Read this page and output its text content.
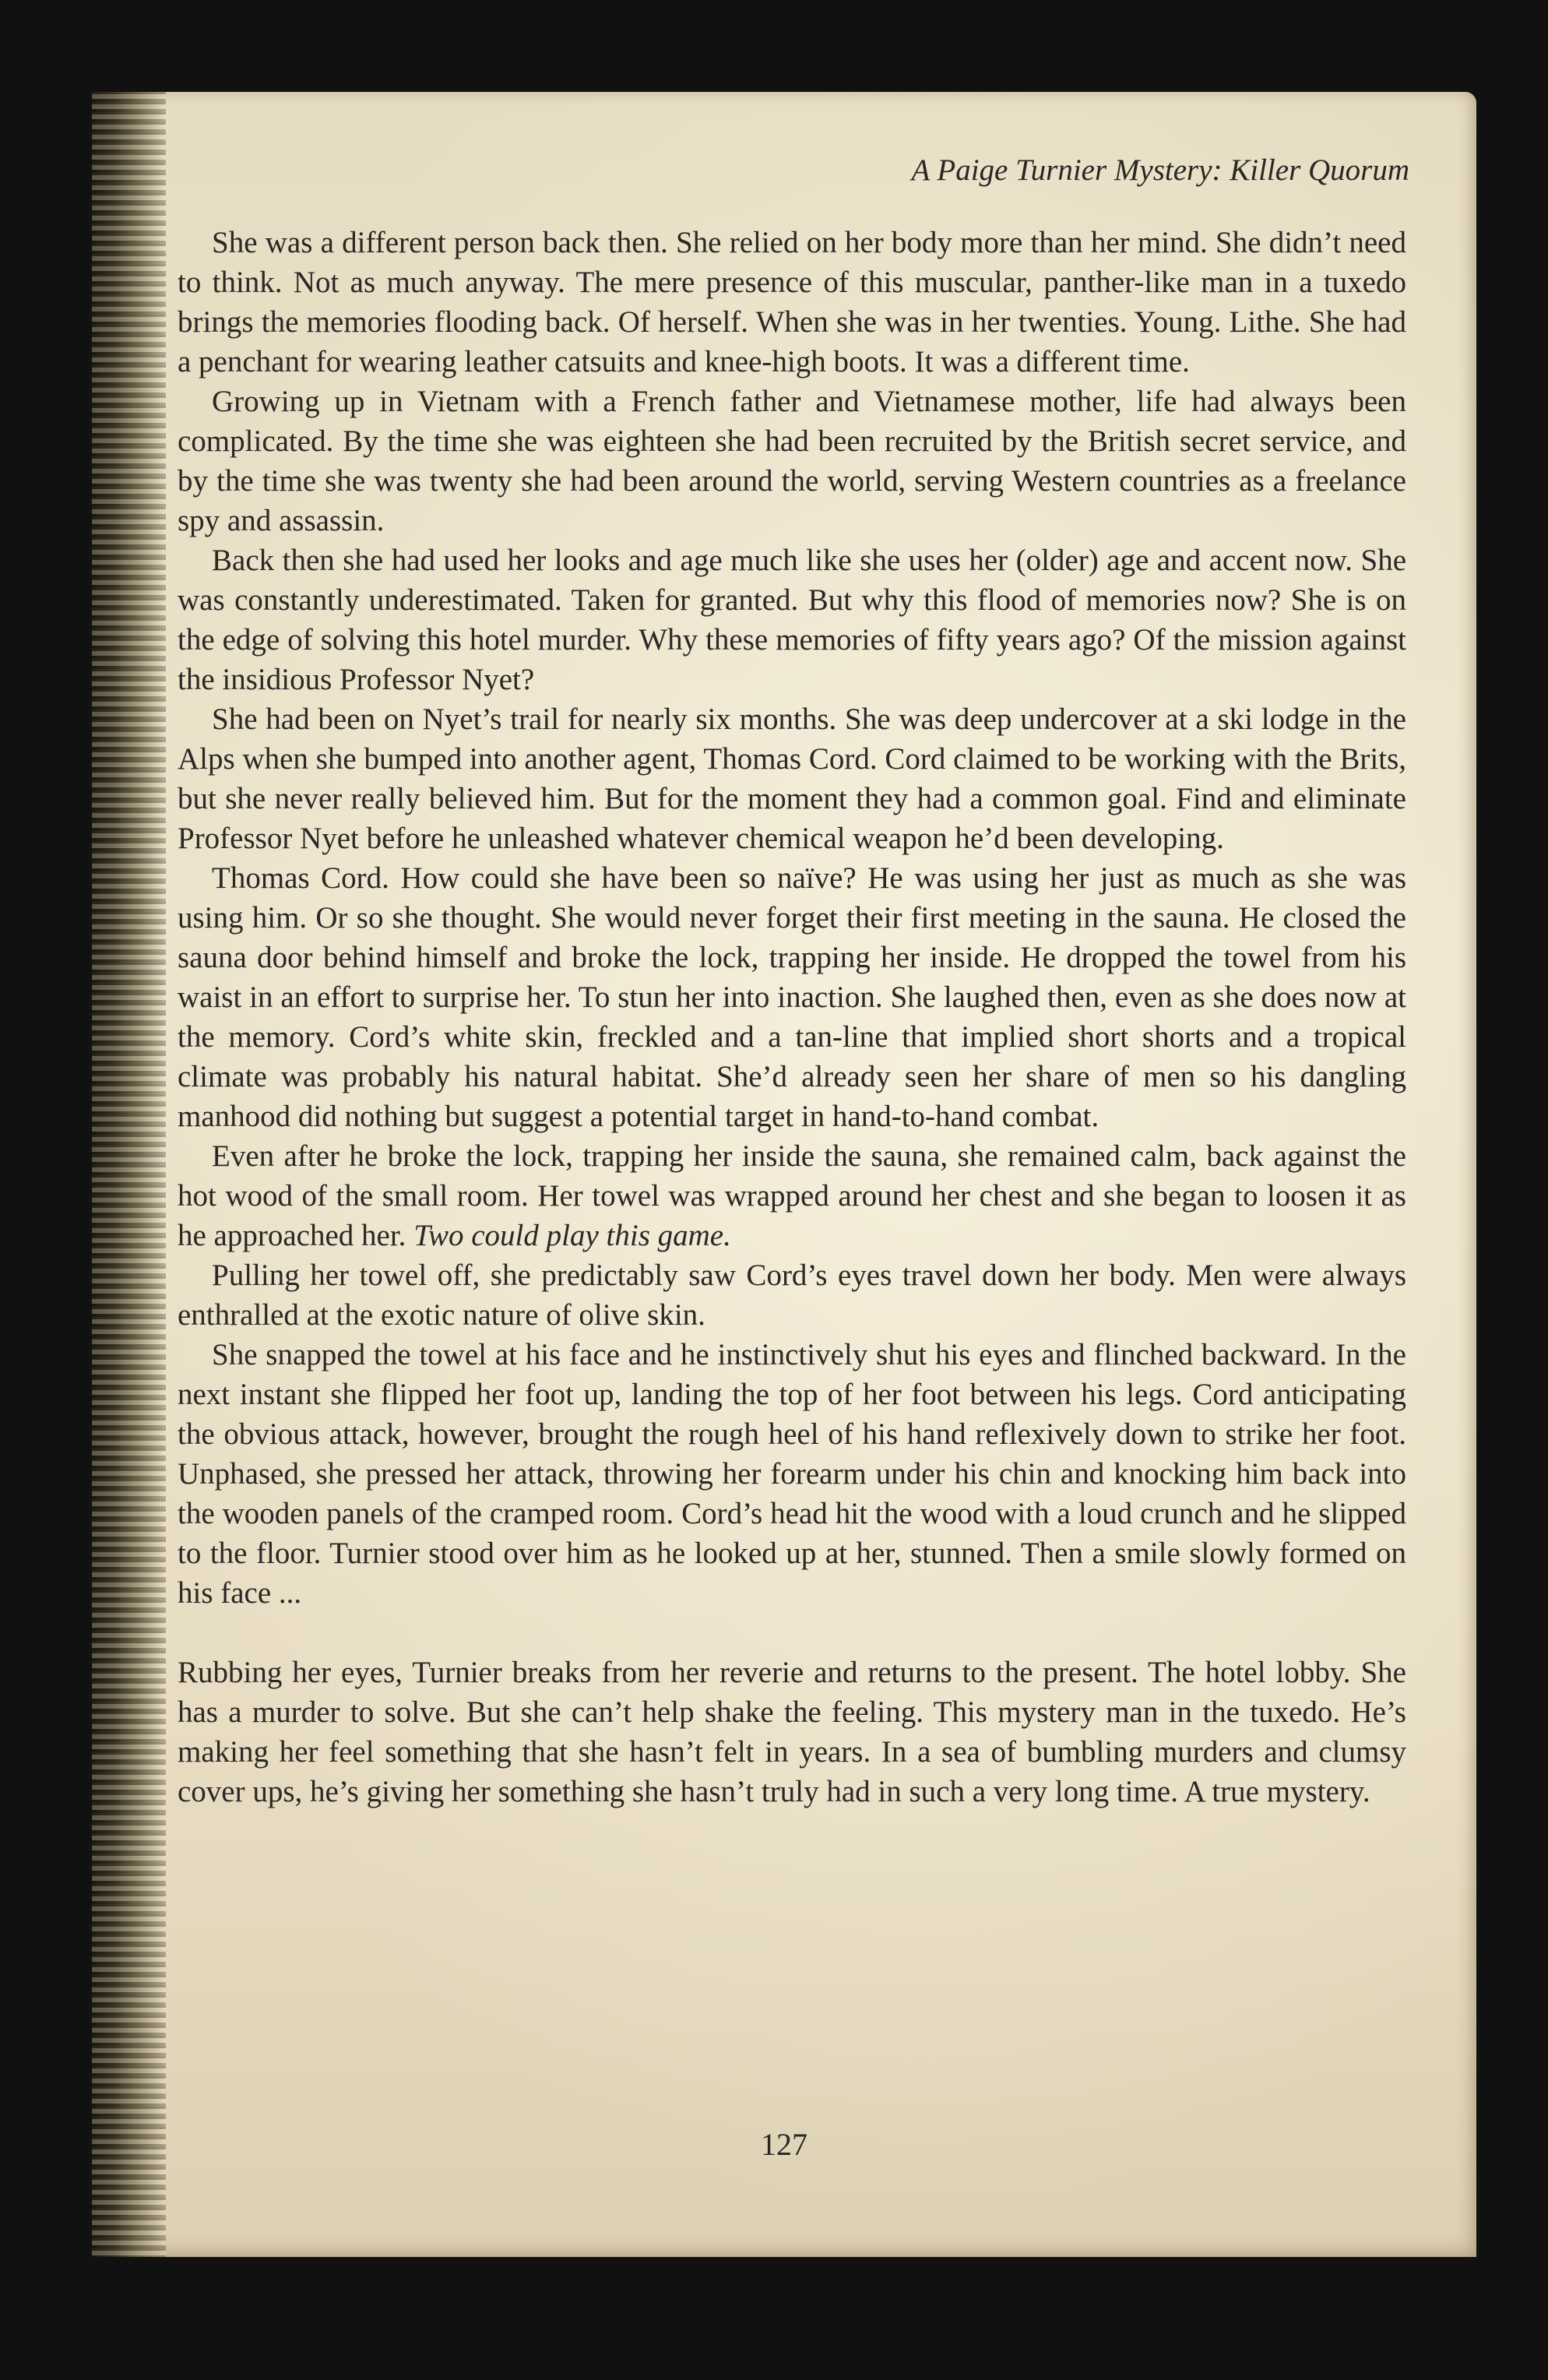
A Paige Turnier Mystery: Killer Quorum

She was a different person back then. She relied on her body more than her mind. She didn’t need to think. Not as much anyway. The mere presence of this muscular, panther-like man in a tuxedo brings the memories flooding back. Of herself. When she was in her twenties. Young. Lithe. She had a penchant for wearing leather catsuits and knee-high boots. It was a different time.

Growing up in Vietnam with a French father and Vietnamese mother, life had always been complicated. By the time she was eighteen she had been recruited by the British secret service, and by the time she was twenty she had been around the world, serving Western countries as a freelance spy and assassin.

Back then she had used her looks and age much like she uses her (older) age and accent now. She was constantly underestimated. Taken for granted. But why this flood of memories now? She is on the edge of solving this hotel murder. Why these memories of fifty years ago? Of the mission against the insidious Professor Nyet?

She had been on Nyet’s trail for nearly six months. She was deep undercover at a ski lodge in the Alps when she bumped into another agent, Thomas Cord. Cord claimed to be working with the Brits, but she never really believed him. But for the moment they had a common goal. Find and eliminate Professor Nyet before he unleashed whatever chemical weapon he’d been developing.

Thomas Cord. How could she have been so naïve? He was using her just as much as she was using him. Or so she thought. She would never forget their first meeting in the sauna. He closed the sauna door behind himself and broke the lock, trapping her inside. He dropped the towel from his waist in an effort to surprise her. To stun her into inaction. She laughed then, even as she does now at the memory. Cord’s white skin, freckled and a tan-line that implied short shorts and a tropical climate was probably his natural habitat. She’d already seen her share of men so his dangling manhood did nothing but suggest a potential target in hand-to-hand combat.

Even after he broke the lock, trapping her inside the sauna, she remained calm, back against the hot wood of the small room. Her towel was wrapped around her chest and she began to loosen it as he approached her. Two could play this game.

Pulling her towel off, she predictably saw Cord’s eyes travel down her body. Men were always enthralled at the exotic nature of olive skin.

She snapped the towel at his face and he instinctively shut his eyes and flinched backward. In the next instant she flipped her foot up, landing the top of her foot between his legs. Cord anticipating the obvious attack, however, brought the rough heel of his hand reflexively down to strike her foot. Unphased, she pressed her attack, throwing her forearm under his chin and knocking him back into the wooden panels of the cramped room. Cord’s head hit the wood with a loud crunch and he slipped to the floor. Turnier stood over him as he looked up at her, stunned. Then a smile slowly formed on his face ...

Rubbing her eyes, Turnier breaks from her reverie and returns to the present. The hotel lobby. She has a murder to solve. But she can’t help shake the feeling. This mystery man in the tuxedo. He’s making her feel something that she hasn’t felt in years. In a sea of bumbling murders and clumsy cover ups, he’s giving her something she hasn’t truly had in such a very long time. A true mystery.

127
